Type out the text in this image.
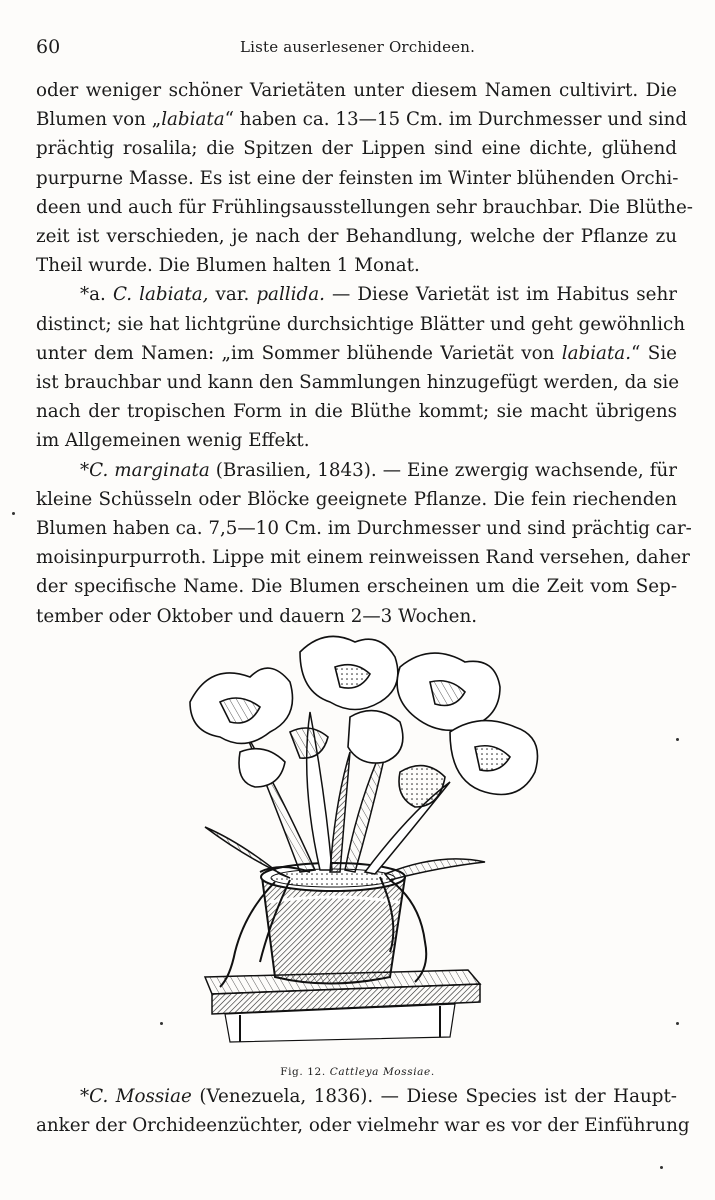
60	Liste auserlesener Orchideen.
oder weniger schöner Varietäten unter diesem Namen cultivirt. Die
Blumen von „labiata“ haben ca. 13—15 Cm. im Durchmesser und sind
prächtig rosalila; die Spitzen der Lippen sind eine dichte, glühend
purpurne Masse. Es ist eine der feinsten im Winter blühenden Orchi-
deen und auch für Frühlingsausstellungen sehr brauchbar. Die Blüthe-
zeit ist verschieden, je nach der Behandlung, welche der Pflanze zu
Theil wurde. Die Blumen halten 1 Monat.
*a. C. labiata, var. pallida. — Diese Varietät ist im Habitus sehr
distinct; sie hat lichtgrüne durchsichtige Blätter und geht gewöhnlich
unter dem Namen: „im Sommer blühende Varietät von labiata.“ Sie
ist brauchbar und kann den Sammlungen hinzugefügt werden, da sie
nach der tropischen Form in die Blüthe kommt; sie macht übrigens
im Allgemeinen wenig Effekt.
*C. marginata (Brasilien, 1843). — Eine zwergig wachsende, für
kleine Schüsseln oder Blöcke geeignete Pflanze. Die fein riechenden
Blumen haben ca. 7,5—10 Cm. im Durchmesser und sind prächtig car-
moisinpurpurroth. Lippe mit einem reinweissen Rand versehen, daher
der specifische Name. Die Blumen erscheinen um die Zeit vom Sep-
tember oder Oktober und dauern 2—3 Wochen.
Fig. 12. Cattleya Mossiae.
*C. Mossiae (Venezuela, 1836). — Diese Species ist der Haupt-
anker der Orchideenzüchter, oder vielmehr war es vor der Einführung
